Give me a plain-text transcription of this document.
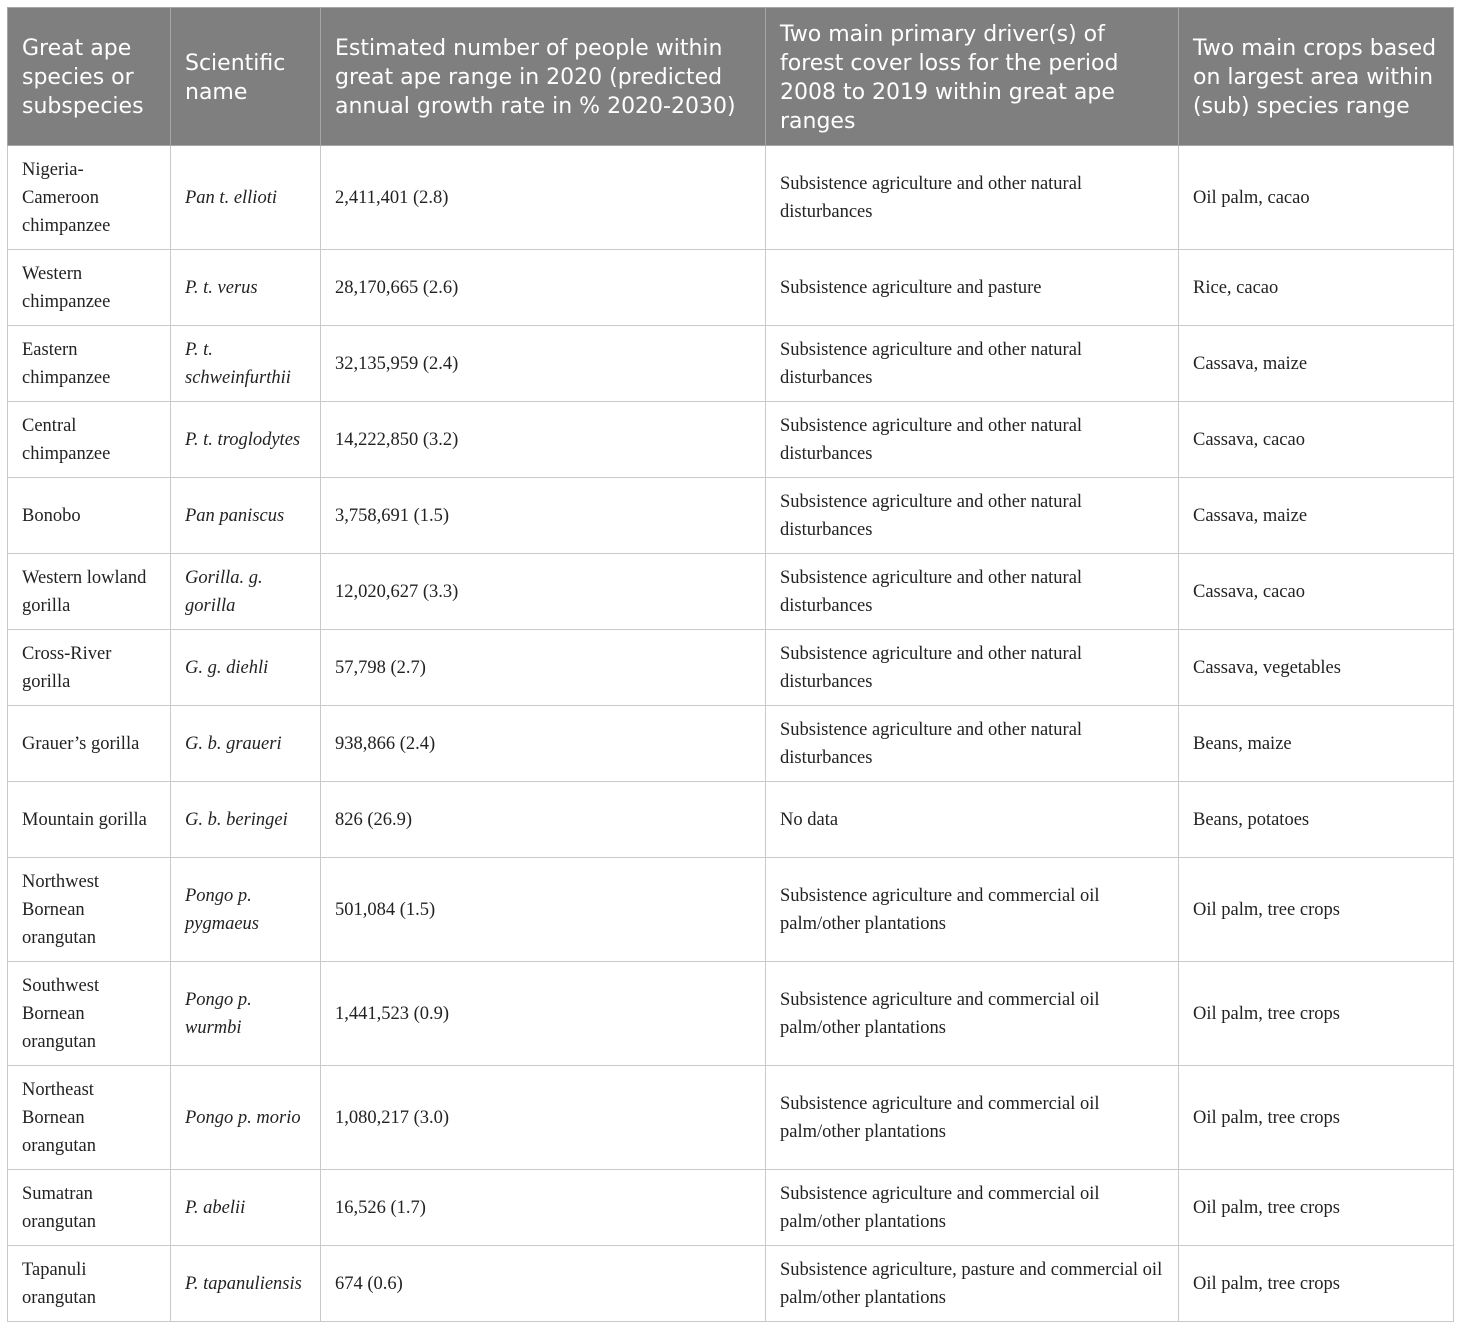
Great ape species or subspecies	Scientific name	Estimated number of people within great ape range in 2020 (predicted annual growth rate in % 2020-2030)	Two main primary driver(s) of forest cover loss for the period 2008 to 2019 within great ape ranges	Two main crops based on largest area within (sub) species range
Nigeria-Cameroon chimpanzee	Pan t. ellioti	2,411,401 (2.8)	Subsistence agriculture and other natural disturbances	Oil palm, cacao
Western chimpanzee	P. t. verus	28,170,665 (2.6)	Subsistence agriculture and pasture	Rice, cacao
Eastern chimpanzee	P. t. schweinfurthii	32,135,959 (2.4)	Subsistence agriculture and other natural disturbances	Cassava, maize
Central chimpanzee	P. t. troglodytes	14,222,850 (3.2)	Subsistence agriculture and other natural disturbances	Cassava, cacao
Bonobo	Pan paniscus	3,758,691 (1.5)	Subsistence agriculture and other natural disturbances	Cassava, maize
Western lowland gorilla	Gorilla. g. gorilla	12,020,627 (3.3)	Subsistence agriculture and other natural disturbances	Cassava, cacao
Cross-River gorilla	G. g. diehli	57,798 (2.7)	Subsistence agriculture and other natural disturbances	Cassava, vegetables
Grauer’s gorilla	G. b. graueri	938,866 (2.4)	Subsistence agriculture and other natural disturbances	Beans, maize
Mountain gorilla	G. b. beringei	826 (26.9)	No data	Beans, potatoes
Northwest Bornean orangutan	Pongo p. pygmaeus	501,084 (1.5)	Subsistence agriculture and commercial oil palm/other plantations	Oil palm, tree crops
Southwest Bornean orangutan	Pongo p. wurmbi	1,441,523 (0.9)	Subsistence agriculture and commercial oil palm/other plantations	Oil palm, tree crops
Northeast Bornean orangutan	Pongo p. morio	1,080,217 (3.0)	Subsistence agriculture and commercial oil palm/other plantations	Oil palm, tree crops
Sumatran orangutan	P. abelii	16,526 (1.7)	Subsistence agriculture and commercial oil palm/other plantations	Oil palm, tree crops
Tapanuli orangutan	P. tapanuliensis	674 (0.6)	Subsistence agriculture, pasture and commercial oil palm/other plantations	Oil palm, tree crops
